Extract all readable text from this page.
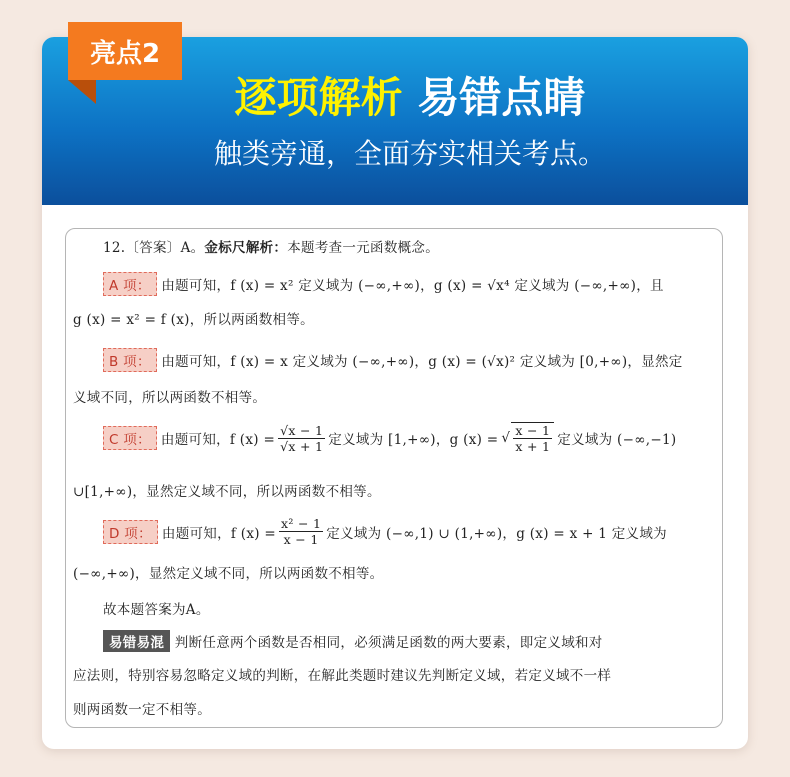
亮点2
逐项解析 易错点睛
触类旁通，全面夯实相关考点。
12.〔答案〕A。金标尺解析：本题考查一元函数概念。
A 项： 由题可知，f (x) = x² 定义域为 (−∞,+∞)，g (x) = √x⁴ 定义域为 (−∞,+∞)，且
g (x) = x² = f (x)，所以两函数相等。
B 项： 由题可知，f (x) = x 定义域为 (−∞,+∞)，g (x) = (√x)² 定义域为 [0,+∞)，显然定
义域不同，所以两函数不相等。
C 项： 由题可知，f $(x) = \frac{√x - 1}{√x + 1}$ 定义域为 [1,+∞)，g (x) = √ $\frac{x - 1}{x + 1}$ 定义域为 (−∞,−1)
∪[1,+∞)，显然定义域不同，所以两函数不相等。
D 项： 由题可知，f $(x) = \frac{\text{x² − 1}}{x - 1}$ 定义域为 (−∞,1) ∪ (1,+∞)，g (x) = x + 1 定义域为
(−∞,+∞)，显然定义域不同，所以两函数不相等。
故本题答案为A。
易错易混 判断任意两个函数是否相同，必须满足函数的两大要素，即定义域和对
应法则，特别容易忽略定义域的判断，在解此类题时建议先判断定义域，若定义域不一样
则两函数一定不相等。
